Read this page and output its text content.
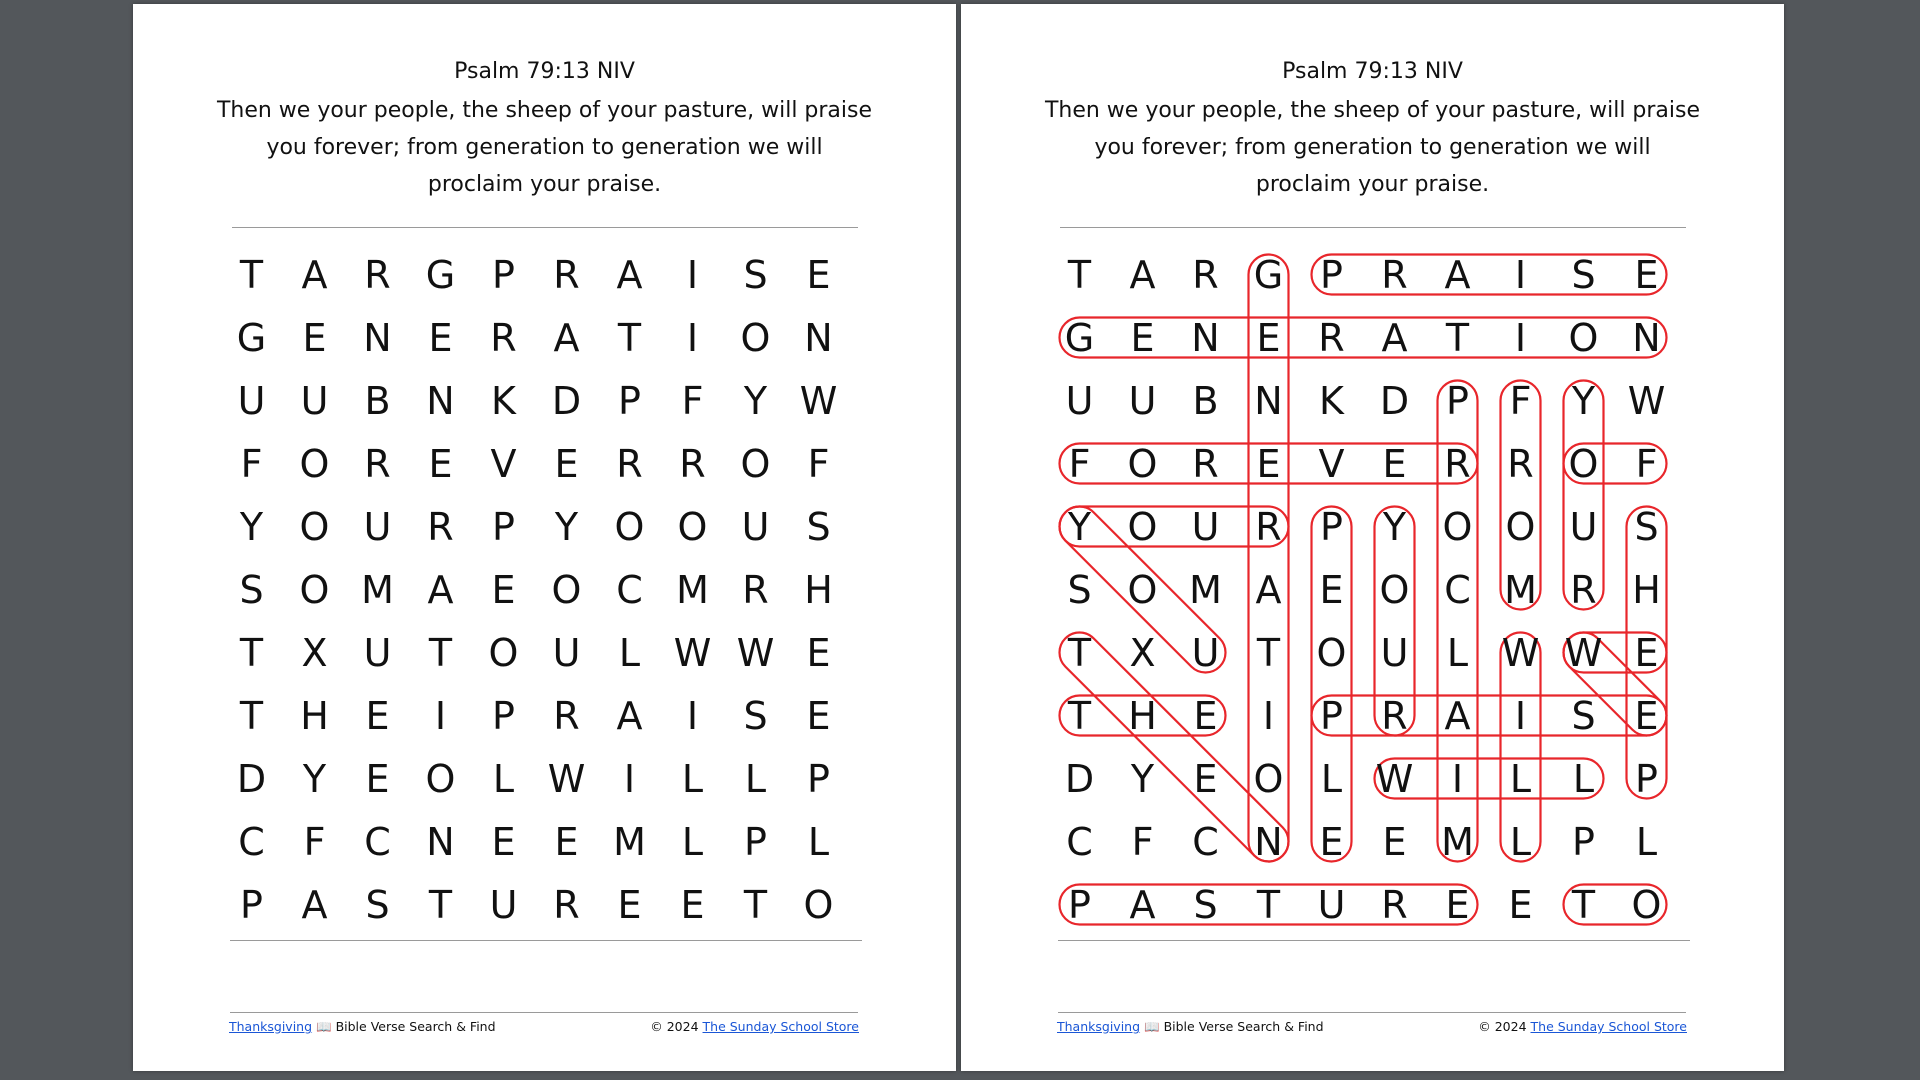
Psalm 79:13 NIV
Then we your people, the sheep of your pasture, will praise
you forever; from generation to generation we will
proclaim your praise.
T	A R G P	R A	I	S	E
G E N E R A	T	I	O N
U U B N K D P	F	Y W
F O R E	V E R R O F
Y O U R	P	Y O O U S
S O M A E O C M R H
T	X U T O U	L W W E
T H E	I	P	R A	I	S	E
D Y	E O L W	I	L	L	P
C	F	C N E	E M L	P	L
P	A S	T U R E	E	T O
Thanksgiving 📖 Bible Verse Search & Find	© 2024 The Sunday School Store
Psalm 79:13 NIV
Then we your people, the sheep of your pasture, will praise
you forever; from generation to generation we will
proclaim your praise.
T	A R G P	R A	I	S	E
G E N E R A	T	I	O N
U U B N K D P	F	Y W
F O R E	V E R R O F
Y O U R	P	Y O O U S
S O M A E O C M R H
T	X U T O U	L W W E
T H E	I	P	R A	I	S	E
D Y	E O L W	I	L	L	P
C	F	C N E	E M L	P	L
P	A S	T U R E	E	T O
Thanksgiving 📖 Bible Verse Search & Find	© 2024 The Sunday School Store
